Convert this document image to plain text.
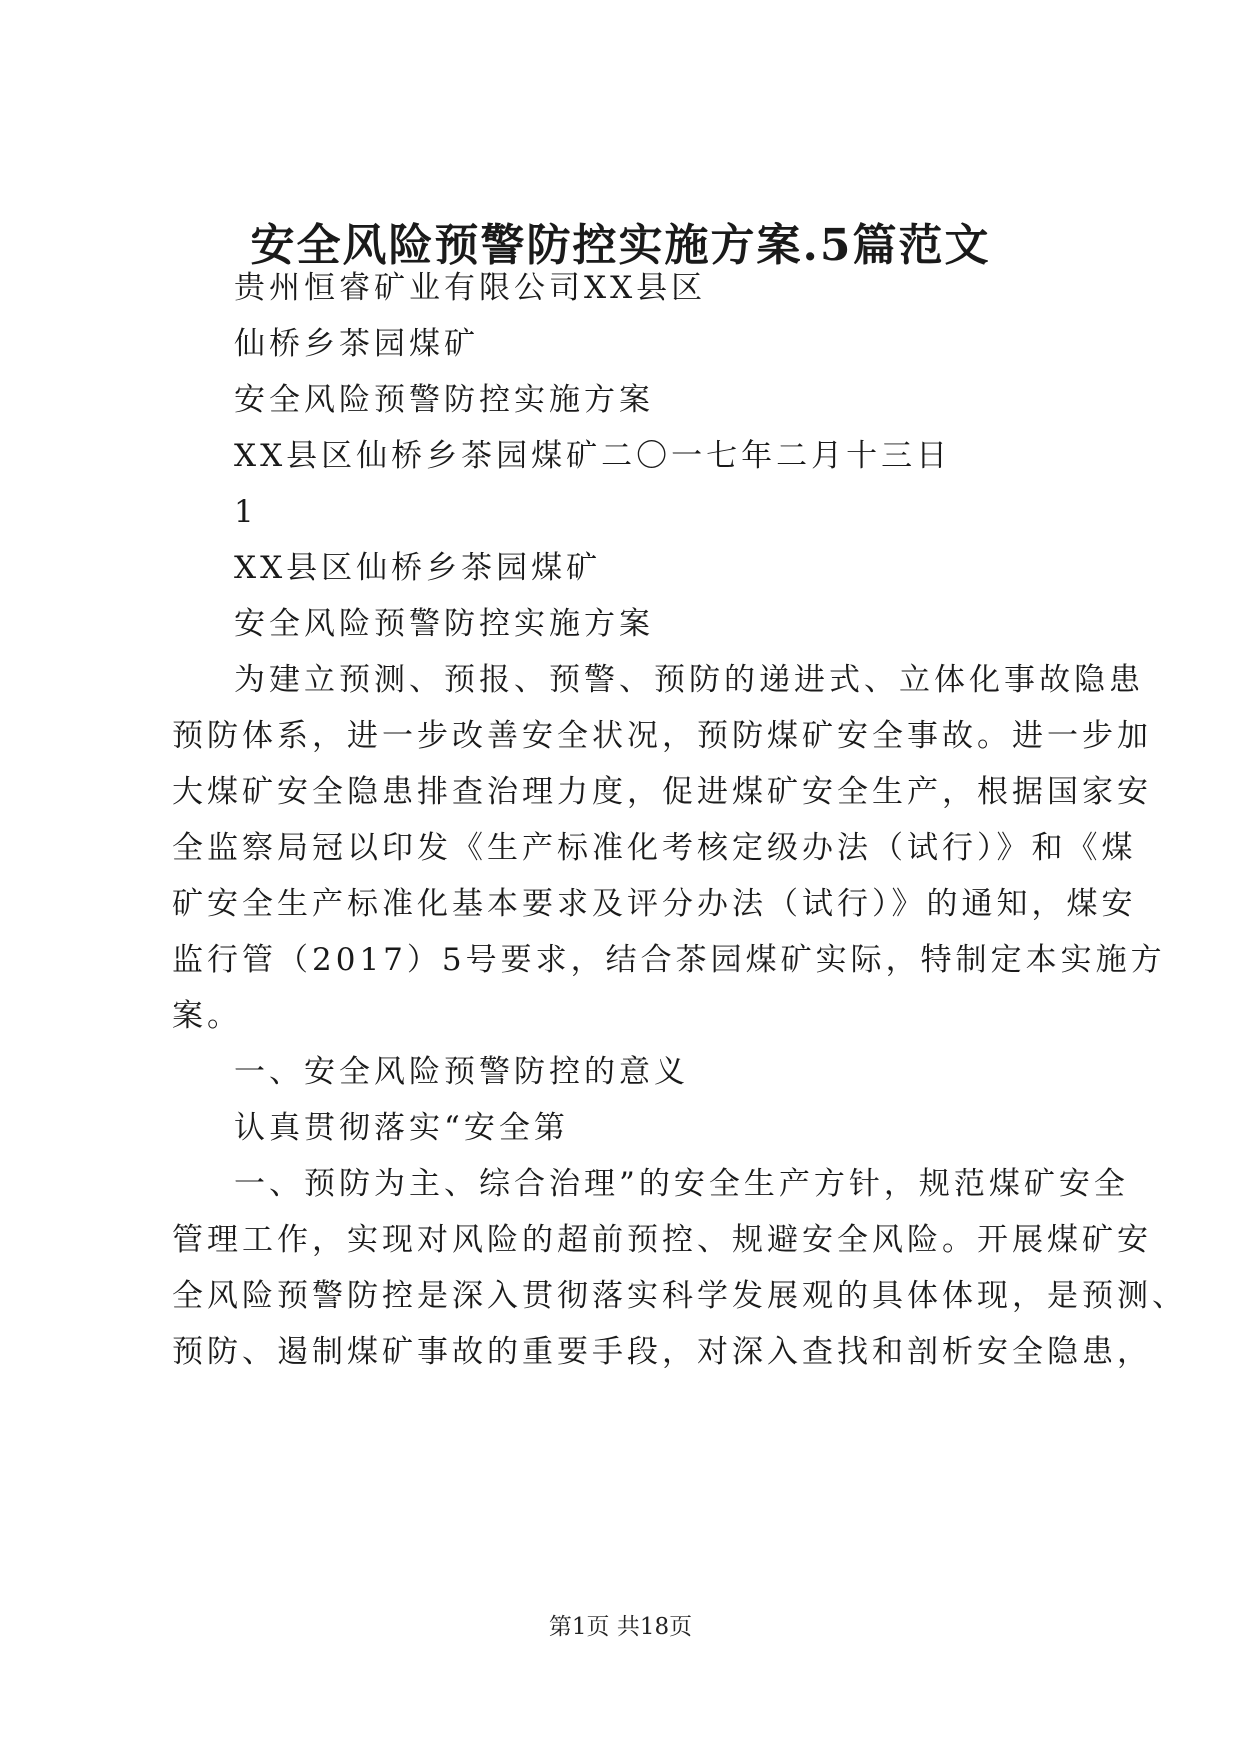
安全风险预警防控实施方案.5篇范文
贵州恒睿矿业有限公司XX县区
仙桥乡茶园煤矿
安全风险预警防控实施方案
XX县区仙桥乡茶园煤矿二〇一七年二月十三日
1
XX县区仙桥乡茶园煤矿
安全风险预警防控实施方案
为建立预测、预报、预警、预防的递进式、立体化事故隐患
预防体系，进一步改善安全状况，预防煤矿安全事故。进一步加
大煤矿安全隐患排查治理力度，促进煤矿安全生产，根据国家安
全监察局冠以印发《生产标准化考核定级办法（试行）》和《煤
矿安全生产标准化基本要求及评分办法（试行）》的通知，煤安
监行管（2017）5号要求，结合茶园煤矿实际，特制定本实施方
案。
一、安全风险预警防控的意义
认真贯彻落实“安全第
一、预防为主、综合治理”的安全生产方针，规范煤矿安全
管理工作，实现对风险的超前预控、规避安全风险。开展煤矿安
全风险预警防控是深入贯彻落实科学发展观的具体体现，是预测、
预防、遏制煤矿事故的重要手段，对深入查找和剖析安全隐患，
第1页 共18页
